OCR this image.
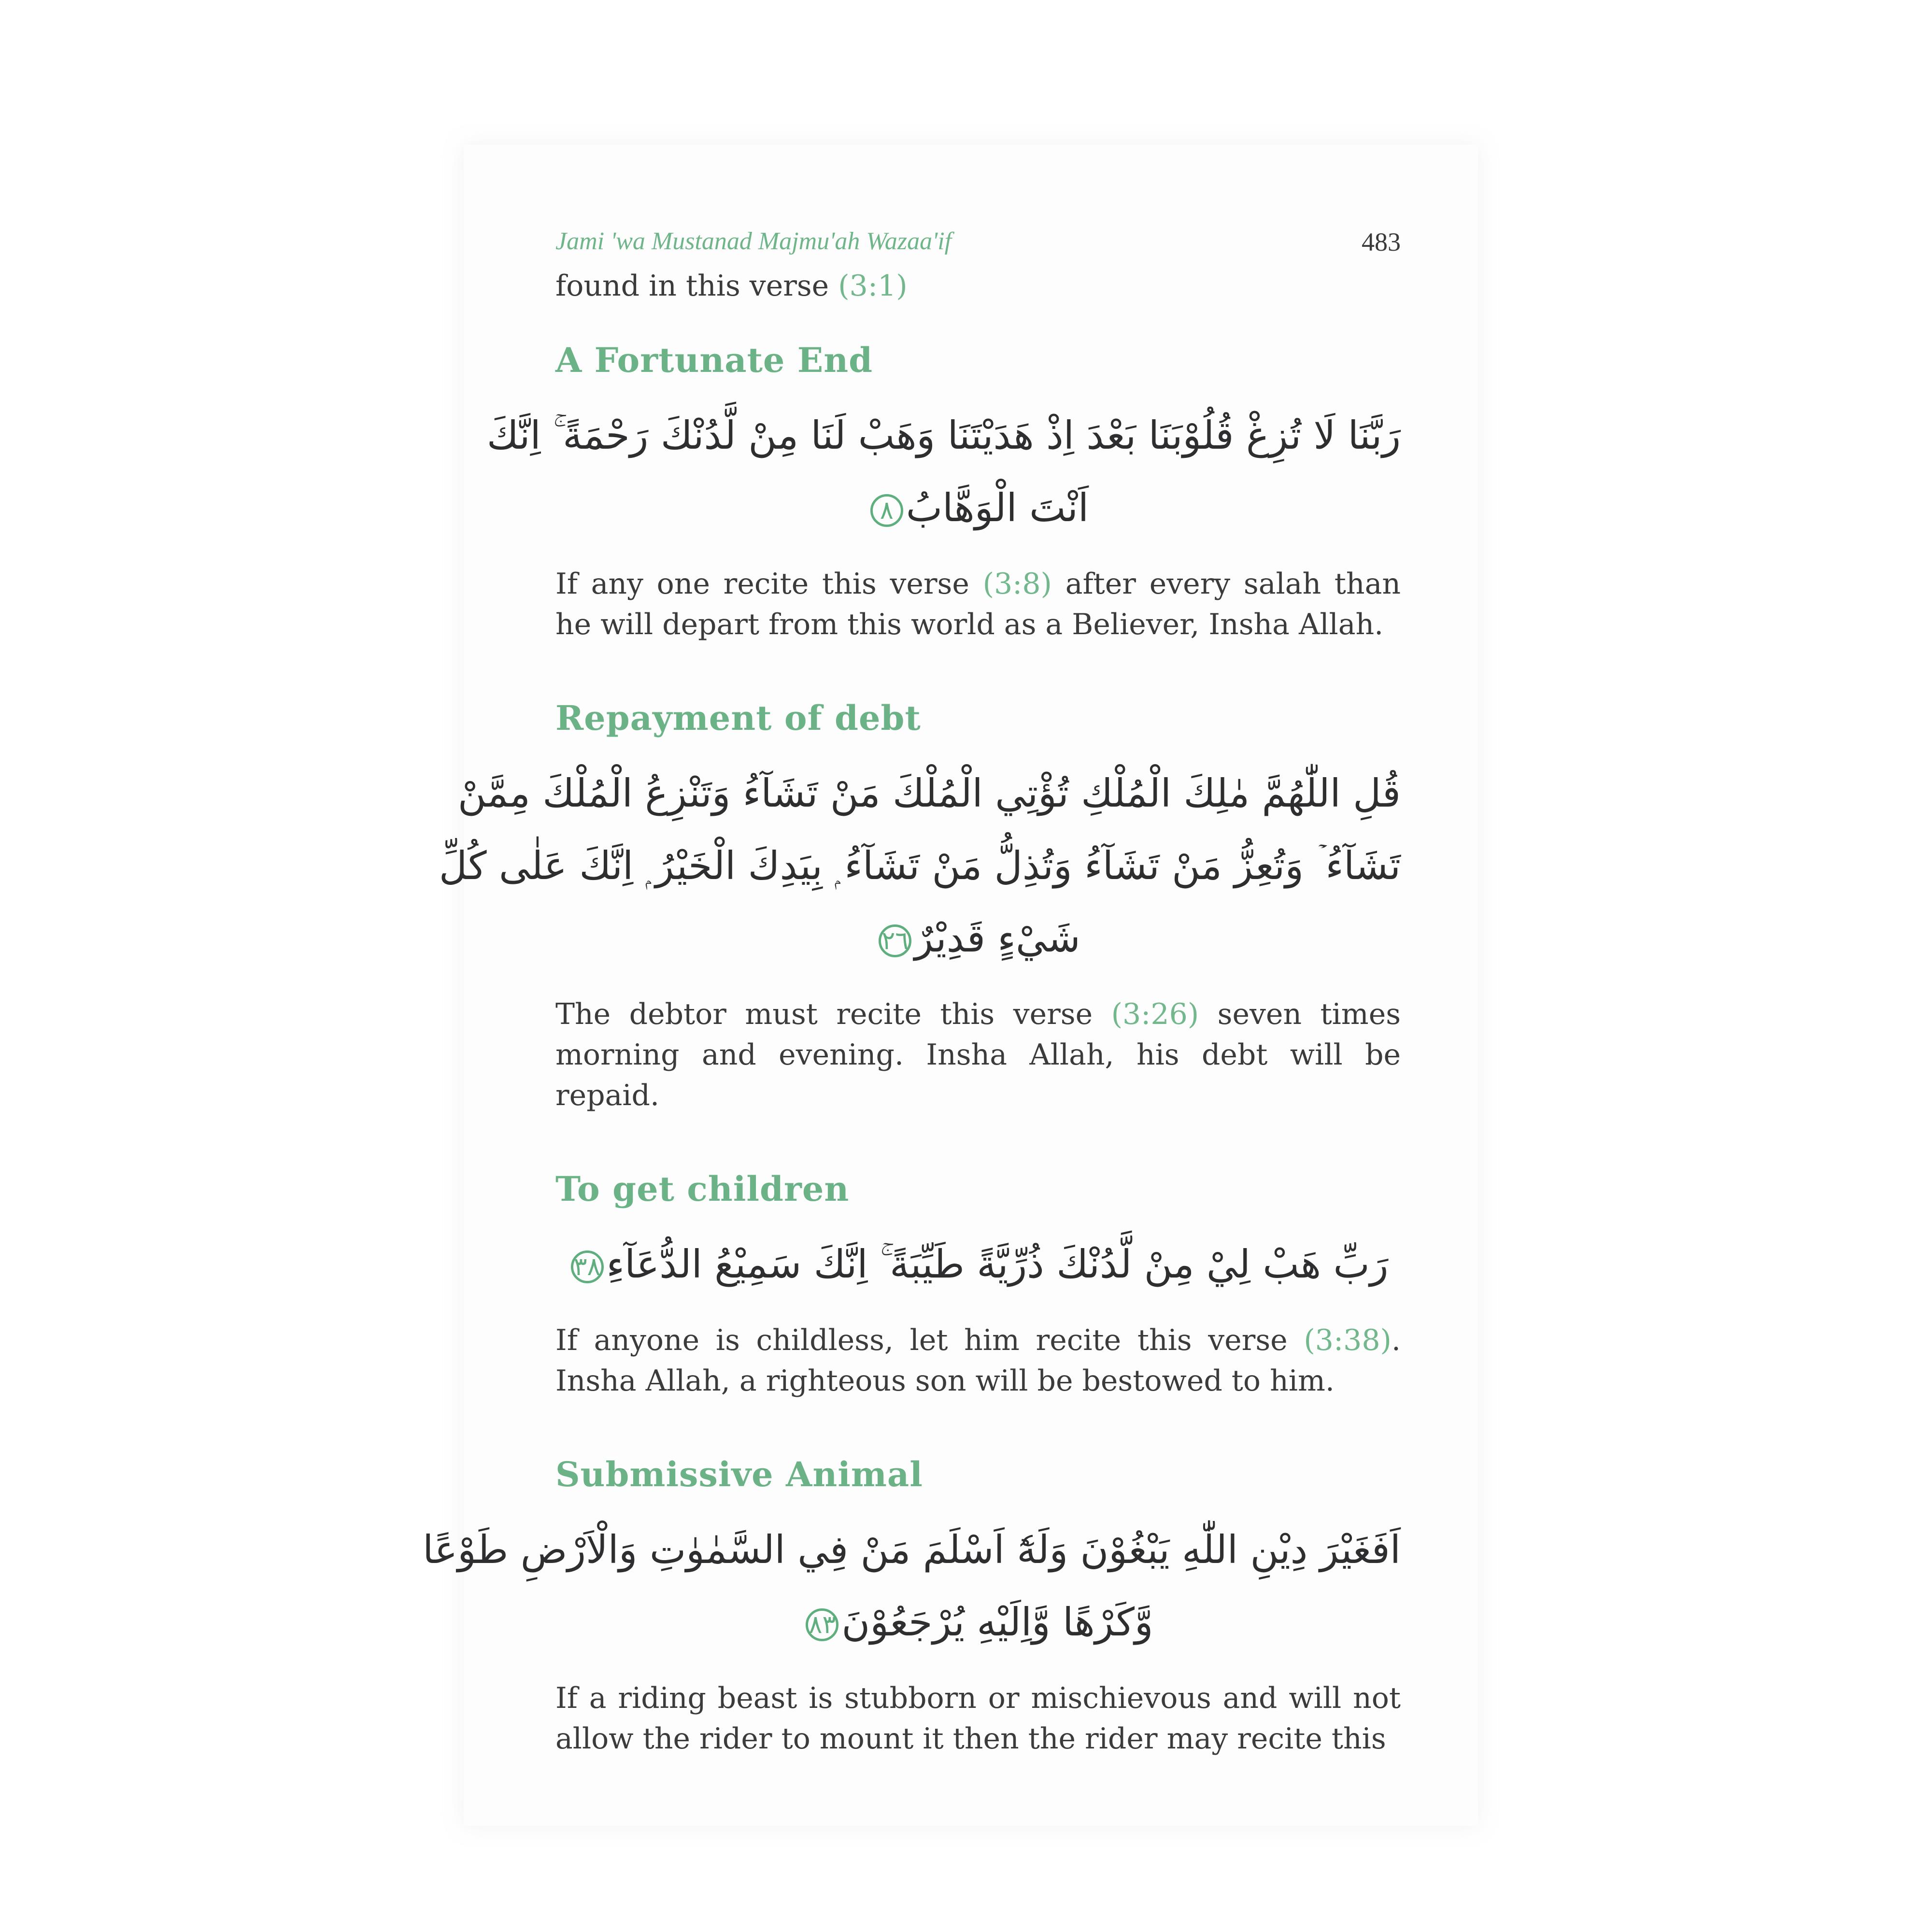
Jami 'wa Mustanad Majmu'ah Wazaa'if	483

found in this verse (3:1)

A Fortunate End
رَبَّنَا لَا تُزِغْ قُلُوْبَنَا بَعْدَ اِذْ هَدَيْتَنَا وَهَبْ لَنَا مِنْ لَّدُنْكَ رَحْمَةً ۚ اِنَّكَ
اَنْتَ الْوَهَّابُ٨

If any one recite this verse (3:8) after every salah than he will depart from this world as a Believer, Insha Allah.

Repayment of debt
قُلِ اللّٰهُمَّ مٰلِكَ الْمُلْكِ تُؤْتِي الْمُلْكَ مَنْ تَشَآءُ وَتَنْزِعُ الْمُلْكَ مِمَّنْ
تَشَآءُ ۡ وَتُعِزُّ مَنْ تَشَآءُ وَتُذِلُّ مَنْ تَشَآءُ ۭ بِيَدِكَ الْخَيْرُ ۭ اِنَّكَ عَلٰى كُلِّ
شَيْءٍ قَدِيْرٌ٢٦

The debtor must recite this verse (3:26) seven times morning and evening. Insha Allah, his debt will be repaid.

To get children
رَبِّ هَبْ لِيْ مِنْ لَّدُنْكَ ذُرِّيَّةً طَيِّبَةً ۚ اِنَّكَ سَمِيْعُ الدُّعَآءِ٣٨

If anyone is childless, let him recite this verse (3:38). Insha Allah, a righteous son will be bestowed to him.

Submissive Animal
اَفَغَيْرَ دِيْنِ اللّٰهِ يَبْغُوْنَ وَلَهٗٓ اَسْلَمَ مَنْ فِي السَّمٰوٰتِ وَالْاَرْضِ طَوْعًا
وَّكَرْهًا وَّاِلَيْهِ يُرْجَعُوْنَ٨٣

If a riding beast is stubborn or mischievous and will not allow the rider to mount it then the rider may recite this
